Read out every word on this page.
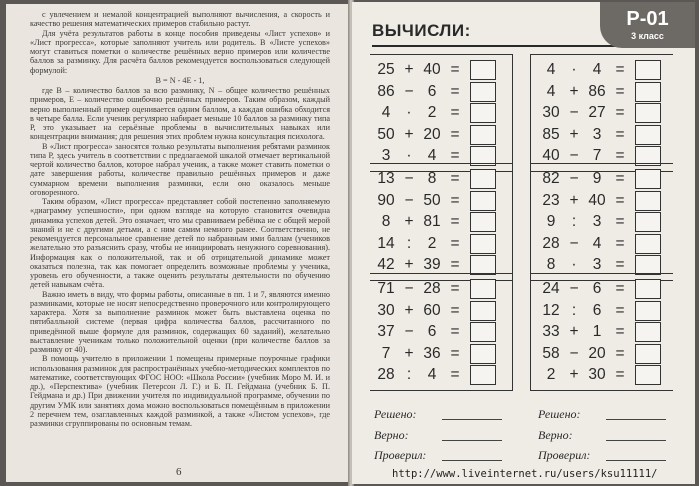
с увлечением и немалой концентрацией выполняют вычисления, а скорость и качество решения математических примеров стабильно растут.

Для учёта результатов работы в конце пособия приведены «Лист успехов» и «Лист прогресса», которые заполняют учитель или родитель. В «Листе успехов» могут ставиться пометки о количестве решённых верно примеров или количестве баллов за разминку. Для расчёта баллов рекомендуется воспользоваться следующей формулой:

B = N - 4E - 1,

где B – количество баллов за всю разминку, N – общее количество решённых примеров, E – количество ошибочно решённых примеров. Таким образом, каждый верно выполненный пример оценивается одним баллом, а каждая ошибка обходится в четыре балла. Если ученик регулярно набирает меньше 10 баллов за разминку типа Р, это указывает на серьёзные проблемы в вычислительных навыках или концентрации внимания; для решения этих проблем нужна консультация психолога.

В «Лист прогресса» заносятся только результаты выполнения ребятами разминок типа Р, здесь учитель в соответствии с предлагаемой шкалой отмечает вертикальной чертой количество баллов, которое набрал ученик, а также может ставить пометки о дате завершения работы, количестве правильно решённых примеров и даже суммарном времени выполнения разминки, если оно оказалось меньше оговоренного.

Таким образом, «Лист прогресса» представляет собой постепенно заполняемую «диаграмму успешности», при одном взгляде на которую становится очевидна динамика успехов детей. Это означает, что мы сравниваем ребёнка не с общей мерой знаний и не с другими детьми, а с ним самим немного ранее. Соответственно, не рекомендуется персональное сравнение детей по набранным ими баллам (учеников желательно это разъяснить сразу, чтобы не инициировать ненужного соревнования). Информация как о положительной, так и об отрицательной динамике может оказаться полезна, так как помогает определить возможные проблемы у ученика, уровень его обученности, а также оценить результаты деятельности по обучению детей навыкам счёта.

Важно иметь в виду, что формы работы, описанные в пп. 1 и 7, являются именно разминками, которые не носят непосредственно проверочного или контролирующего характера. Хотя за выполнение разминок может быть выставлена оценка по пятибалльной системе (первая цифра количества баллов, рассчитанного по приведённой выше формуле для разминок, содержащих 60 заданий), желательно выставление ученикам только положительной оценки (при количестве баллов за разминку от 40).

В помощь учителю в приложении 1 помещены примерные поурочные графики использования разминок для распространённых учебно-методических комплектов по математике, соответствующих ФГОС НОО: «Школа России» (учебник Моро М. И. и др.), «Перспектива» (учебник Петерсон Л. Г.) и Б. П. Гейдмана (учебник Б. П. Гейдмана и др.) При движении учителя по индивидуальной программе, обучении по другим УМК или занятиях дома можно воспользоваться помещённым в приложении 2 перечнем тем, озаглавленных каждой разминкой, а также «Листом успехов», где разминки сгруппированы по основным темам.

6
ВЫЧИСЛИ:
Р-01
3 класс
25 + 40 =
86 − 6 =
4	·	2 =
50 + 20 =
3	·	4 =
4	·	4 =
4 + 86 =
30 − 27 =
85 + 3 =
40 − 7 =
13 − 8 =
90 − 50 =
8 + 81 =
14 :	2 =
42 + 39 =
82 − 9 =
23 + 40 =
9	:	3 =
28 − 4 =
8	·	3 =
71 − 28 =
30 + 60 =
37 − 6 =
7 + 36 =
28 :	4 =
24 − 6 =
12 :	6 =
33 + 1 =
58 − 20 =
2 + 30 =
Решено:
Верно:
Проверил:
Решено:
Верно:
Проверил:
http://www.liveinternet.ru/users/ksu11111/
